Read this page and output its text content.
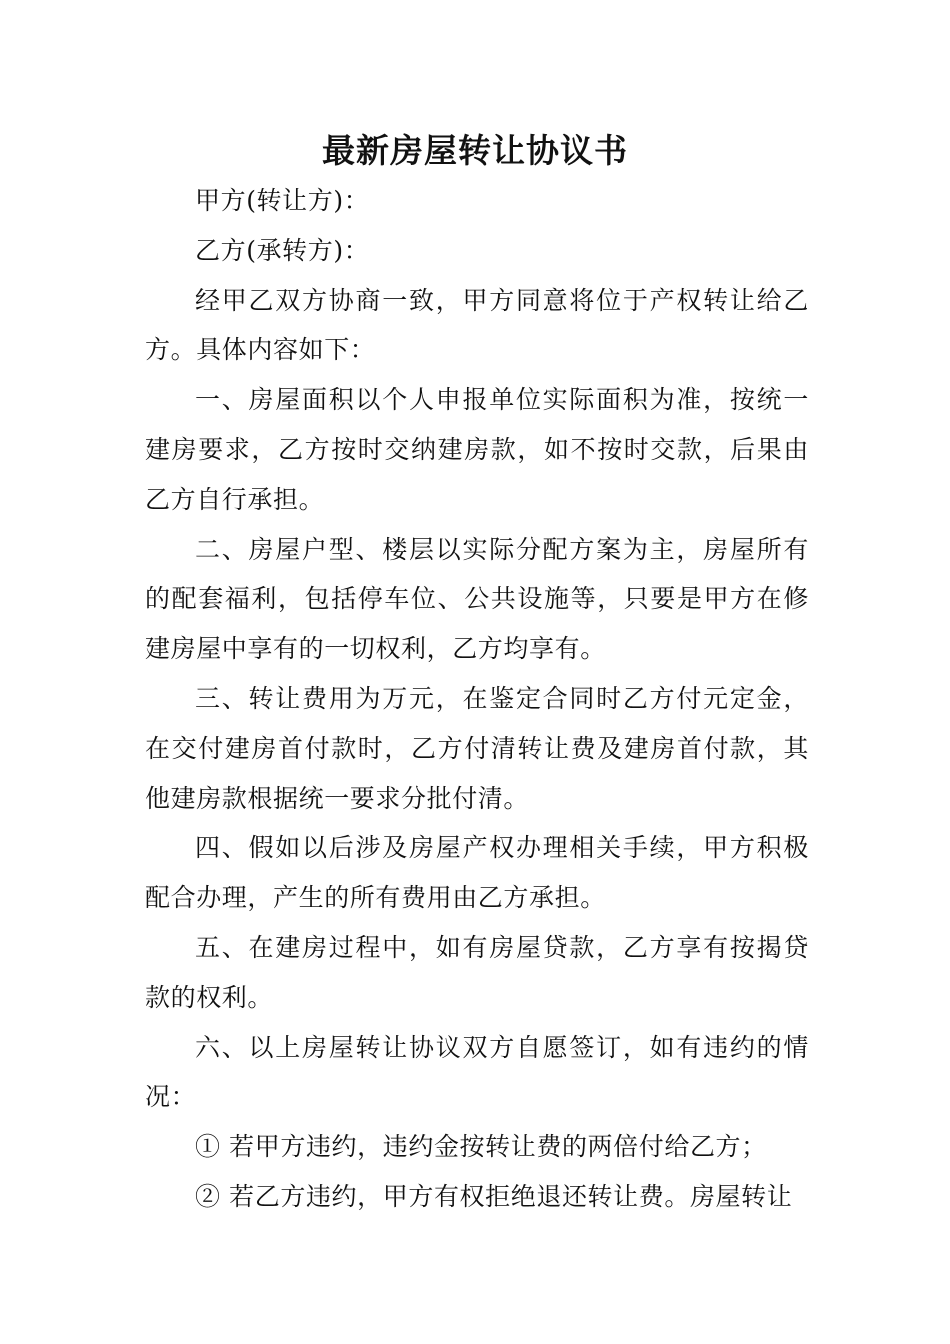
最新房屋转让协议书

甲方(转让方)：

乙方(承转方)：

经甲乙双方协商一致，甲方同意将位于产权转让给乙方。具体内容如下：

一、房屋面积以个人申报单位实际面积为准，按统一建房要求，乙方按时交纳建房款，如不按时交款，后果由乙方自行承担。

二、房屋户型、楼层以实际分配方案为主，房屋所有的配套福利，包括停车位、公共设施等，只要是甲方在修建房屋中享有的一切权利，乙方均享有。

三、转让费用为万元，在鉴定合同时乙方付元定金，在交付建房首付款时，乙方付清转让费及建房首付款，其他建房款根据统一要求分批付清。

四、假如以后涉及房屋产权办理相关手续，甲方积极配合办理，产生的所有费用由乙方承担。

五、在建房过程中，如有房屋贷款，乙方享有按揭贷款的权利。

六、以上房屋转让协议双方自愿签订，如有违约的情况：

① 若甲方违约，违约金按转让费的两倍付给乙方；

② 若乙方违约，甲方有权拒绝退还转让费。房屋转让
